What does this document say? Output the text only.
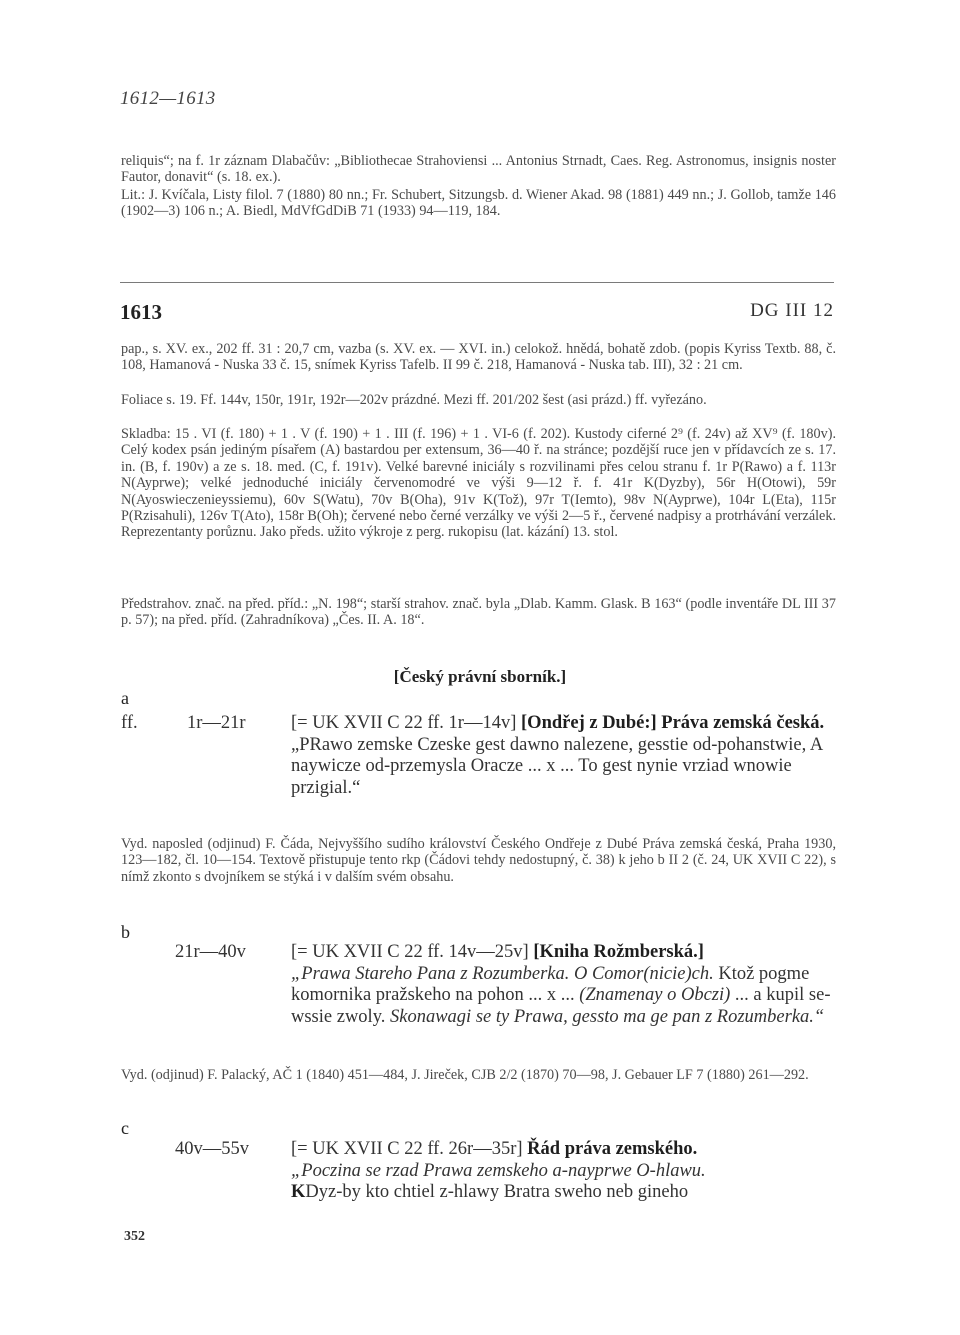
1612—1613

reliquis“; na f. 1r záznam Dlabačův: „Bibliothecae Strahoviensi ... Antonius Strnadt, Caes. Reg. Astronomus, insignis noster Fautor, donavit“ (s. 18. ex.).

Lit.: J. Kvíčala, Listy filol. 7 (1880) 80 nn.; Fr. Schubert, Sitzungsb. d. Wiener Akad. 98 (1881) 449 nn.; J. Gollob, tamže 146 (1902—3) 106 n.; A. Biedl, MdVfGdDiB 71 (1933) 94—119, 184.

1613	DG III 12

pap., s. XV. ex., 202 ff. 31 : 20,7 cm, vazba (s. XV. ex. — XVI. in.) celokož. hnědá, bohatě zdob. (popis Kyriss Textb. 88, č. 108, Hamanová - Nuska 33 č. 15, snímek Kyriss Tafelb. II 99 č. 218, Hamanová - Nuska tab. III), 32 : 21 cm.

Foliace s. 19. Ff. 144v, 150r, 191r, 192r—202v prázdné. Mezi ff. 201/202 šest (asi prázd.) ff. vyřezáno.

Skladba: 15 . VI (f. 180) + 1 . V (f. 190) + 1 . III (f. 196) + 1 . VI-6 (f. 202). Kustody ciferné 2⁹ (f. 24v) až XV⁹ (f. 180v). Celý kodex psán jediným písařem (A) bastardou per extensum, 36—40 ř. na stránce; pozdější ruce jen v přídavcích ze s. 17. in. (B, f. 190v) a ze s. 18. med. (C, f. 191v). Velké barevné iniciály s rozvilinami přes celou stranu f. 1r P(Rawo) a f. 113r N(Ayprwe); velké jednoduché iniciály červenomodré ve výši 9—12 ř. f. 41r K(Dyzby), 56r H(Otowi), 59r N(Ayoswieczenieyssiemu), 60v S(Watu), 70v B(Oha), 91v K(Tož), 97r T(Iemto), 98v N(Ayprwe), 104r L(Eta), 115r P(Rzisahuli), 126v T(Ato), 158r B(Oh); červené nebo černé verzálky ve výši 2—5 ř., červené nadpisy a protrhávání verzálek. Reprezentanty porůznu. Jako předs. užito výkroje z perg. rukopisu (lat. kázání) 13. stol.

Předstrahov. znač. na před. příd.: „N. 198“; starší strahov. znač. byla „Dlab. Kamm. Glask. B 163“ (podle inventáře DL III 37 p. 57); na před. příd. (Zahradníkova) „Čes. II. A. 18“.

[Český právní sborník.]
a
ff.	1r—21r [= UK XVII C 22 ff. 1r—14v] [Ondřej z Dubé:] Práva zemská česká.

„PRawo zemske Czeske gest dawno nalezene, gesstie od-pohanstwie, A naywicze od-przemysla Oracze ... x ... To gest nynie vrziad wnowie przigial.“

Vyd. naposled (odjinud) F. Čáda, Nejvyššího sudího království Českého Ondřeje z Dubé Práva zemská česká, Praha 1930, 123—182, čl. 10—154. Textově přistupuje tento rkp (Čádovi tehdy nedostupný, č. 38) k jeho b II 2 (č. 24, UK XVII C 22), s nímž zkonto s dvojníkem se stýká i v dalším svém obsahu.

b
21r—40v [= UK XVII C 22 ff. 14v—25v] [Kniha Rožmberská.]

„Prawa Stareho Pana z Rozumberka. O Comor(nicie)ch. Ktož pogme komornika pražskeho na pohon ... x ... (Znamenay o Obczi) ... a kupil se-wssie zwoly. Skonawagi se ty Prawa, gessto ma ge pan z Rozumberka.“

Vyd. (odjinud) F. Palacký, AČ 1 (1840) 451—484, J. Jireček, CJB 2/2 (1870) 70—98, J. Gebauer LF 7 (1880) 261—292.

c
40v—55v [= UK XVII C 22 ff. 26r—35r] Řád práva zemského.

„Poczina se rzad Prawa zemskeho a-nayprwe O-hlawu.

KDyz-by kto chtiel z-hlawy Bratra sweho neb gineho

352
